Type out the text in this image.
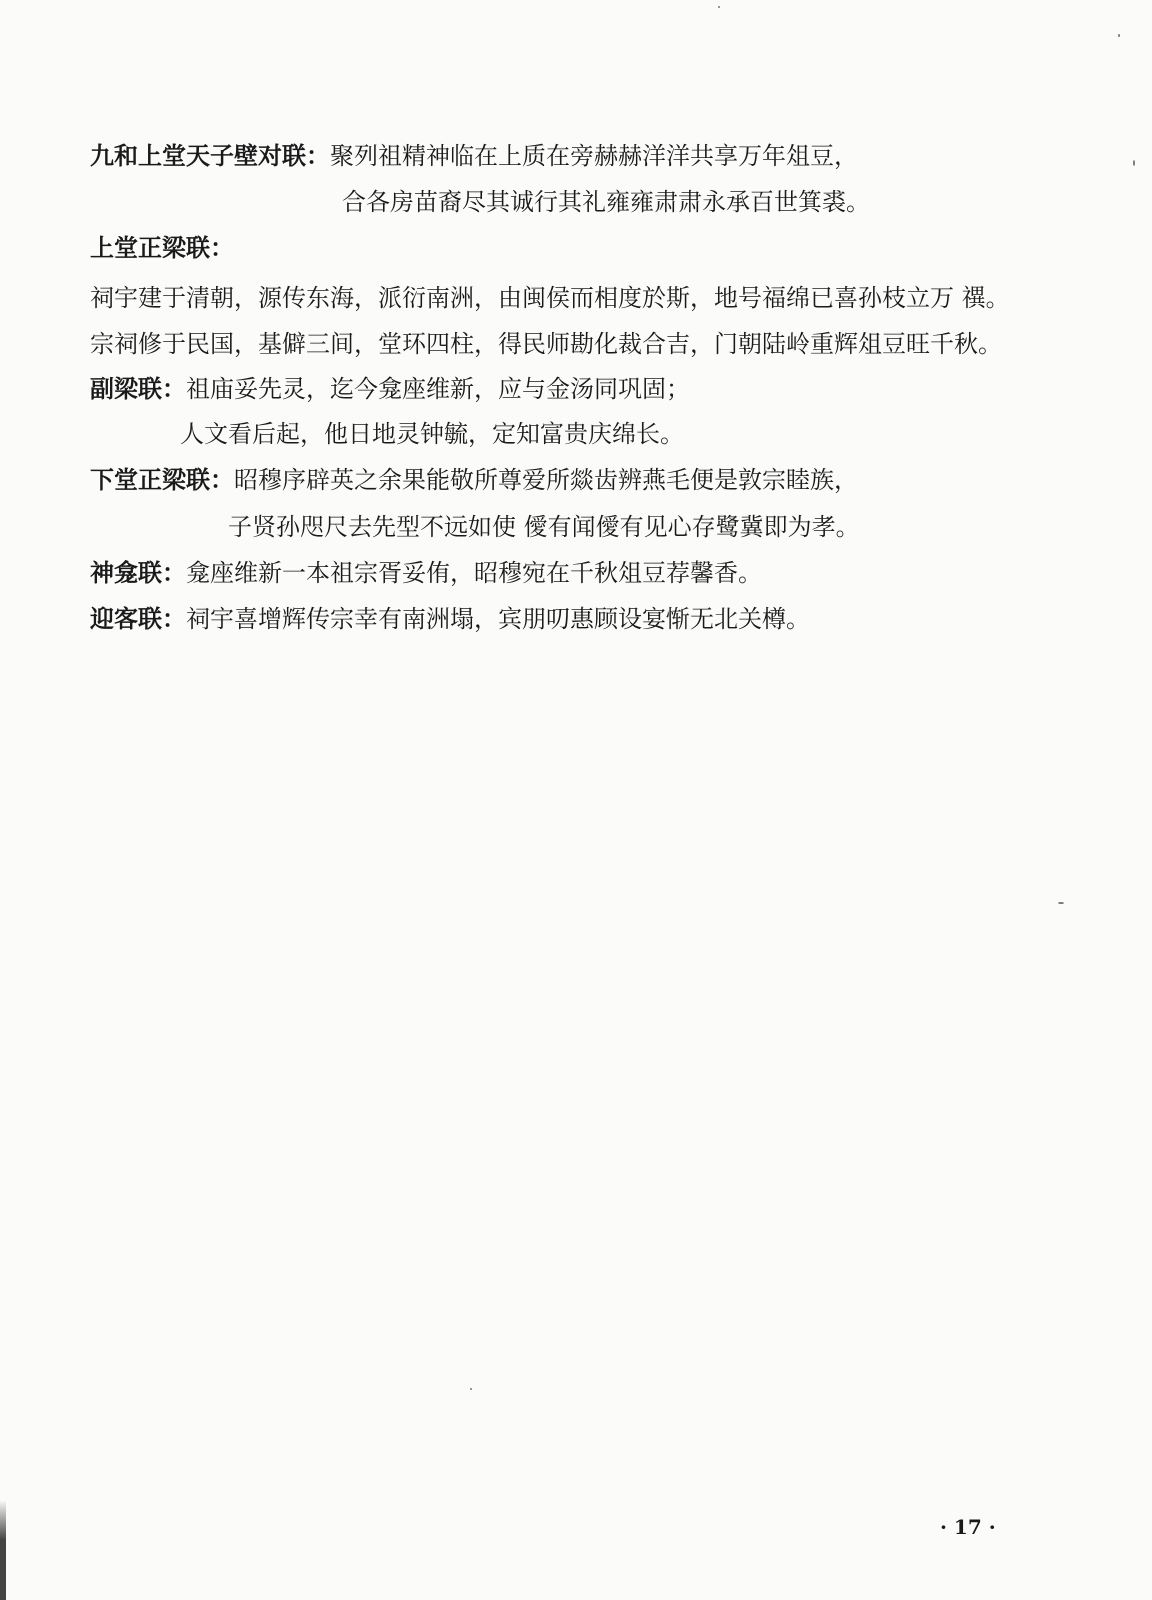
九和上堂天子壁对联：聚列祖精神临在上质在旁赫赫洋洋共享万年俎豆，
合各房苗裔尽其诚行其礼雍雍肃肃永承百世箕裘。
上堂正梁联：
祠宇建于清朝，源传东海，派衍南洲，由闽侯而相度於斯，地号福绵已喜孙枝立万 禩。
宗祠修于民国，基僻三间，堂环四柱，得民师勘化裁合吉，门朝陆岭重辉俎豆旺千秋。
副梁联：祖庙妥先灵，迄今龛座维新，应与金汤同巩固；
人文看后起，他日地灵钟毓，定知富贵庆绵长。
下堂正梁联：昭穆序辟英之余果能敬所尊爱所燚齿辨燕毛便是敦宗睦族，
子贤孙咫尺去先型不远如使 僾有闻僾有见心存鹭冀即为孝。
神龛联：龛座维新一本祖宗胥妥侑，昭穆宛在千秋俎豆荐馨香。
迎客联：祠宇喜增辉传宗幸有南洲塌，宾朋叨惠顾设宴惭无北关樽。
· 17 ·
